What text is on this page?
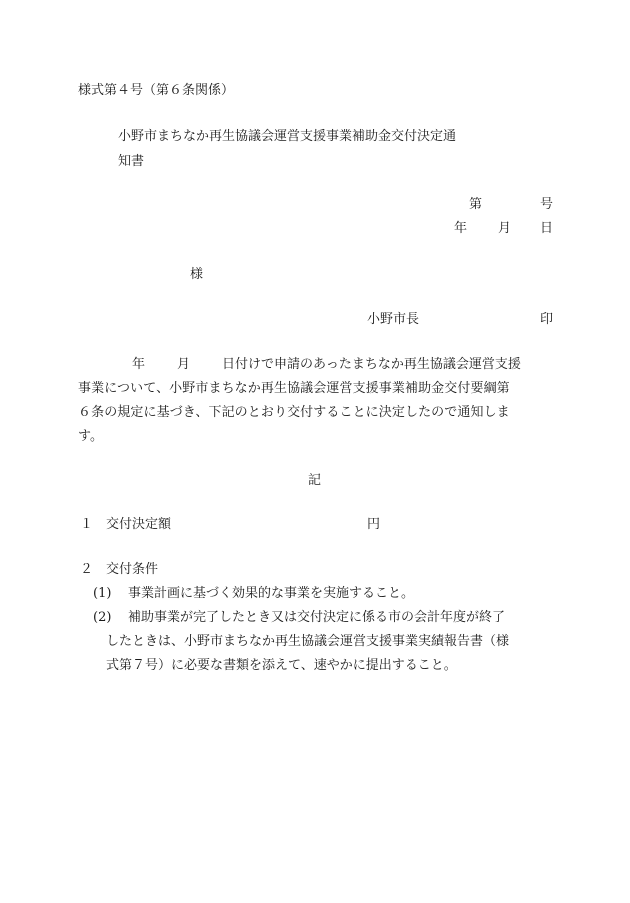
様式第４号（第６条関係）
小野市まちなか再生協議会運営支援事業補助金交付決定通
知書
第	号
年 月 日
様
小野市長	印
年 月 日付けで申請のあったまちなか再生協議会運営支援
事業について、小野市まちなか再生協議会運営支援事業補助金交付要綱第
６条の規定に基づき、下記のとおり交付することに決定したので通知しま
す。
記
１ 交付決定額	円
２ 交付条件
(1) 事業計画に基づく効果的な事業を実施すること。
(2) 補助事業が完了したとき又は交付決定に係る市の会計年度が終了
したときは、小野市まちなか再生協議会運営支援事業実績報告書（様
式第７号）に必要な書類を添えて、速やかに提出すること。
